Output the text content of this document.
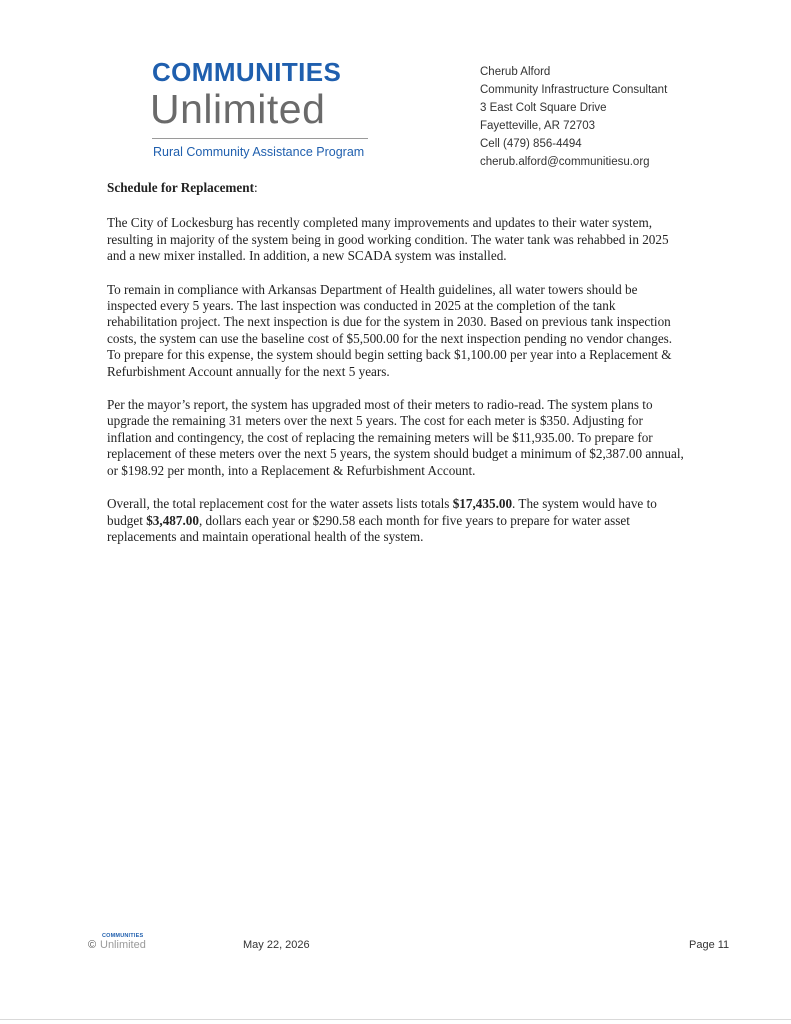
COMMUNITIES
Unlimited
Rural Community Assistance Program
Cherub Alford
Community Infrastructure Consultant
3 East Colt Square Drive
Fayetteville, AR 72703
Cell (479) 856-4494
cherub.alford@communitiesu.org

Schedule for Replacement:

The City of Lockesburg has recently completed many improvements and updates to their water system, resulting in majority of the system being in good working condition. The water tank was rehabbed in 2025 and a new mixer installed. In addition, a new SCADA system was installed.

To remain in compliance with Arkansas Department of Health guidelines, all water towers should be inspected every 5 years. The last inspection was conducted in 2025 at the completion of the tank rehabilitation project. The next inspection is due for the system in 2030. Based on previous tank inspection costs, the system can use the baseline cost of $5,500.00 for the next inspection pending no vendor changes. To prepare for this expense, the system should begin setting back $1,100.00 per year into a Replacement & Refurbishment Account annually for the next 5 years.

Per the mayor’s report, the system has upgraded most of their meters to radio-read. The system plans to upgrade the remaining 31 meters over the next 5 years. The cost for each meter is $350. Adjusting for inflation and contingency, the cost of replacing the remaining meters will be $11,935.00. To prepare for replacement of these meters over the next 5 years, the system should budget a minimum of $2,387.00 annual, or $198.92 per month, into a Replacement & Refurbishment Account.

Overall, the total replacement cost for the water assets lists totals $17,435.00. The system would have to budget $3,487.00, dollars each year or $290.58 each month for five years to prepare for water asset replacements and maintain operational health of the system.

©
COMMUNITIES
Unlimited	May 22, 2026	Page 11
